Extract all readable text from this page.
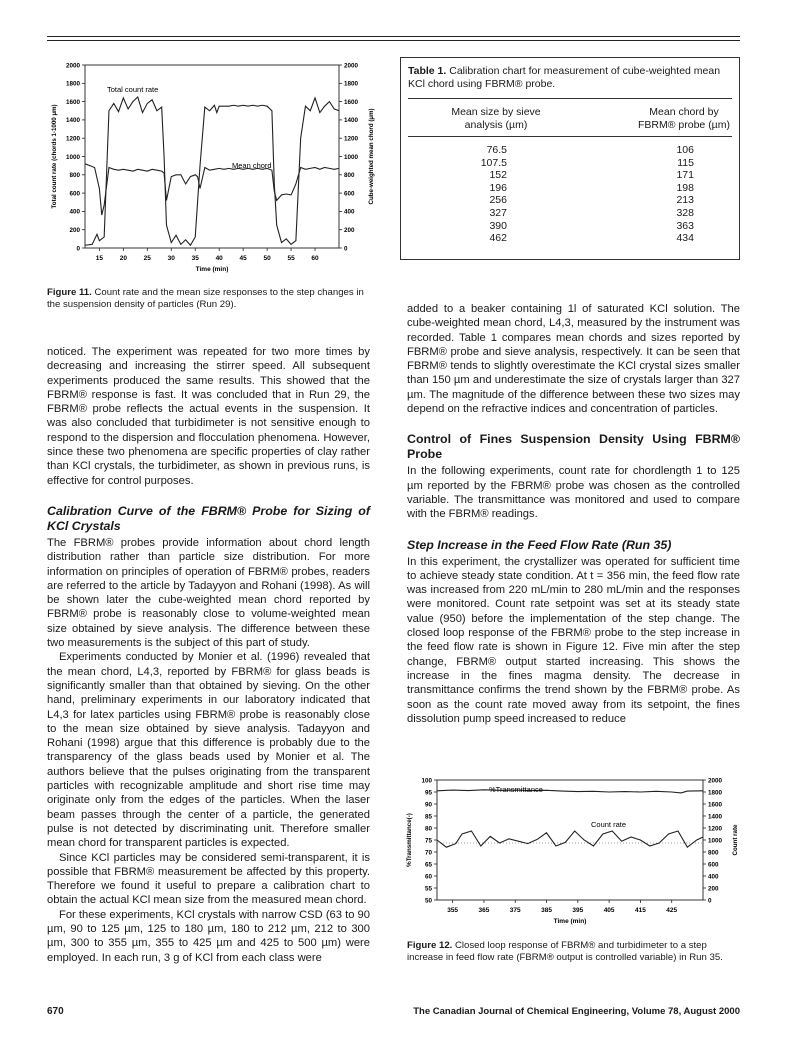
15	20	25	30	35	40	45	50	55	60
0
200
400
600
800
1000
1200
1400
1600
1800
2000
0
200
400
600
800
1000
1200
1400
1600
1800
2000
Total count rate
Mean chord
Time (min)
Total count rate (chords 1-1000 µm)	Cube-weighted mean chord (µm)
Figure 11. Count rate and the mean size responses to the step changes in the suspension density of particles (Run 29).
Table 1. Calibration chart for measurement of cube-weighted mean KCl chord using FBRM® probe.
Mean size by sieve
analysis (µm)
Mean chord by
FBRM® probe (µm)
76.5	106
107.5	115
152	171
196	198
256	213
327	328
390	363
462	434

noticed. The experiment was repeated for two more times by decreasing and increasing the stirrer speed. All subsequent experiments produced the same results. This showed that the FBRM® response is fast. It was concluded that in Run 29, the FBRM® probe reflects the actual events in the suspension. It was also concluded that turbidimeter is not sensitive enough to respond to the dispersion and flocculation phenomena. However, since these two phenomena are specific properties of clay rather than KCl crystals, the turbidimeter, as shown in previous runs, is effective for control purposes.

Calibration Curve of the FBRM® Probe for Sizing of KCl Crystals

The FBRM® probes provide information about chord length distribution rather than particle size distribution. For more information on principles of operation of FBRM® probes, readers are referred to the article by Tadayyon and Rohani (1998). As will be shown later the cube-weighted mean chord reported by FBRM® probe is reasonably close to volume-weighted mean size obtained by sieve analysis. The difference between these two measurements is the subject of this part of study.

Experiments conducted by Monier et al. (1996) revealed that the mean chord, L4,3, reported by FBRM® for glass beads is significantly smaller than that obtained by sieving. On the other hand, preliminary experiments in our laboratory indicated that L4,3 for latex particles using FBRM® probe is reasonably close to the mean size obtained by sieve analysis. Tadayyon and Rohani (1998) argue that this difference is probably due to the transparency of the glass beads used by Monier et al. The authors believe that the pulses originating from the transparent particles with recognizable amplitude and short rise time may originate only from the edges of the particles. When the laser beam passes through the center of a particle, the generated pulse is not detected by discriminating unit. Therefore smaller mean chord for transparent particles is expected.

Since KCl particles may be considered semi-transparent, it is possible that FBRM® measurement be affected by this property. Therefore we found it useful to prepare a calibration chart to obtain the actual KCl mean size from the measured mean chord.

For these experiments, KCl crystals with narrow CSD (63 to 90 µm, 90 to 125 µm, 125 to 180 µm, 180 to 212 µm, 212 to 300 µm, 300 to 355 µm, 355 to 425 µm and 425 to 500 µm) were employed. In each run, 3 g of KCl from each class were

added to a beaker containing 1l of saturated KCl solution. The cube-weighted mean chord, L4,3, measured by the instrument was recorded. Table 1 compares mean chords and sizes reported by FBRM® probe and sieve analysis, respectively. It can be seen that FBRM® tends to slightly overestimate the KCl crystal sizes smaller than 150 µm and underestimate the size of crystals larger than 327 µm. The magnitude of the difference between these two sizes may depend on the refractive indices and concentration of particles.

Control of Fines Suspension Density Using FBRM® Probe

In the following experiments, count rate for chordlength 1 to 125 µm reported by the FBRM® probe was chosen as the controlled variable. The transmittance was monitored and used to compare with the FBRM® readings.

Step Increase in the Feed Flow Rate (Run 35)

In this experiment, the crystallizer was operated for sufficient time to achieve steady state condition. At t = 356 min, the feed flow rate was increased from 220 mL/min to 280 mL/min and the responses were monitored. Count rate setpoint was set at its steady state value (950) before the implementation of the step change. The closed loop response of the FBRM® probe to the step increase in the feed flow rate is shown in Figure 12. Five min after the step change, FBRM® output started increasing. This shows the increase in the fines magma density. The decrease in transmittance confirms the trend shown by the FBRM® probe. As soon as the count rate moved away from its setpoint, the fines dissolution pump speed increased to reduce

355	365	375	385	395	405	415	425
50
55
60
65
70
75
80
85
90
95
100
0
200
400
600
800
1000
1200
1400
1600
1800
2000
%Transmittance
Count rate
Time (min)
%Transmittance(-)	Count rate
Figure 12. Closed loop response of FBRM® and turbidimeter to a step increase in feed flow rate (FBRM® output is controlled variable) in Run 35.
670	The Canadian Journal of Chemical Engineering, Volume 78, August 2000
